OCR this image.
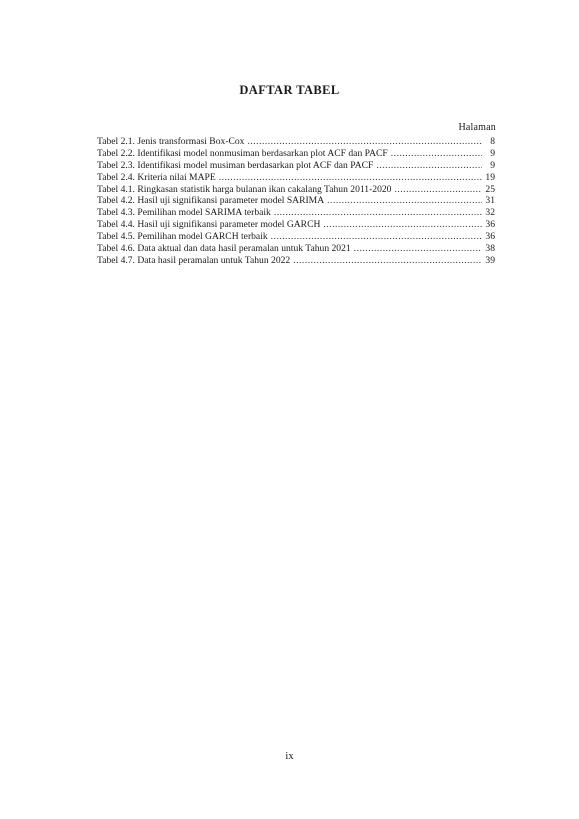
DAFTAR TABEL
Halaman
Tabel 2.1. Jenis transformasi Box-Cox .....	8
Tabel 2.2. Identifikasi model nonmusiman berdasarkan plot ACF dan PACF .....	9
Tabel 2.3. Identifikasi model musiman berdasarkan plot ACF dan PACF .....	9
Tabel 2.4. Kriteria nilai MAPE .....	19
Tabel 4.1. Ringkasan statistik harga bulanan ikan cakalang Tahun 2011-2020 .....	25
Tabel 4.2. Hasil uji signifikansi parameter model SARIMA .....	31
Tabel 4.3. Pemilihan model SARIMA terbaik .....	32
Tabel 4.4. Hasil uji signifikansi parameter model GARCH .....	36
Tabel 4.5. Pemilihan model GARCH terbaik .....	36
Tabel 4.6. Data aktual dan data hasil peramalan untuk Tahun 2021 .....	38
Tabel 4.7. Data hasil peramalan untuk Tahun 2022 .....	39
ix
